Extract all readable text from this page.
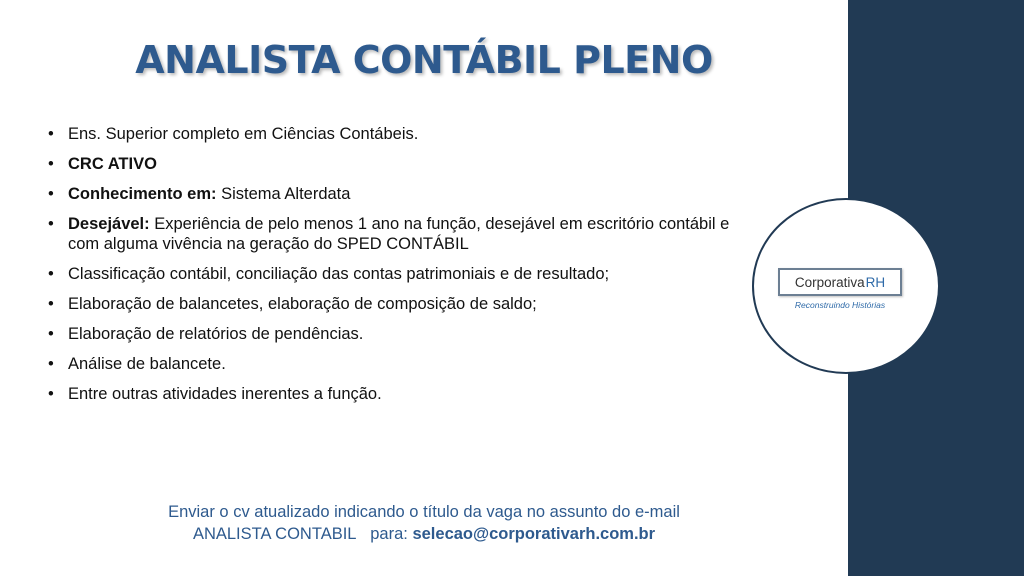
ANALISTA CONTÁBIL PLENO
• Ens. Superior completo em Ciências Contábeis.
• CRC ATIVO
• Conhecimento em: Sistema Alterdata
• Desejável: Experiência de pelo menos 1 ano na função, desejável em escritório contábil e com alguma vivência na geração do SPED CONTÁBIL
• Classificação contábil, conciliação das contas patrimoniais e de resultado;
• Elaboração de balancetes, elaboração de composição de saldo;
• Elaboração de relatórios de pendências.
• Análise de balancete.
• Entre outras atividades inerentes a função.
Corporativa RH
Reconstruindo Histórias
Enviar o cv atualizado indicando o título da vaga no assunto do e-mail
ANALISTA CONTABIL para: selecao@corporativarh.com.br
